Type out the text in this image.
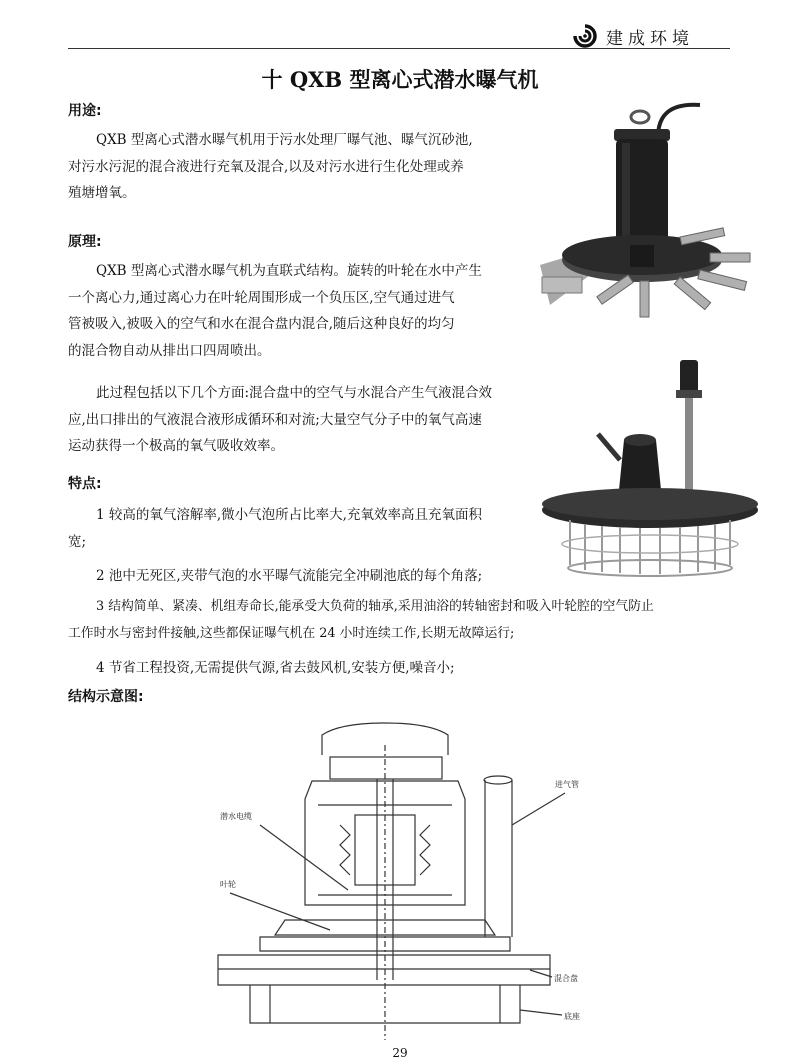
建成环境
十 QXB 型离心式潜水曝气机
用途:

QXB 型离心式潜水曝气机用于污水处理厂曝气池、曝气沉砂池,

对污水污泥的混合液进行充氧及混合,以及对污水进行生化处理或养

殖塘增氧。

原理:

QXB 型离心式潜水曝气机为直联式结构。旋转的叶轮在水中产生

一个离心力,通过离心力在叶轮周围形成一个负压区,空气通过进气

管被吸入,被吸入的空气和水在混合盘内混合,随后这种良好的均匀

的混合物自动从排出口四周喷出。

此过程包括以下几个方面:混合盘中的空气与水混合产生气液混合效

应,出口排出的气液混合液形成循环和对流;大量空气分子中的氧气高速

运动获得一个极高的氧气吸收效率。

特点:

1 较高的氧气溶解率,微小气泡所占比率大,充氧效率高且充氧面积

宽;

2 池中无死区,夹带气泡的水平曝气流能完全冲刷池底的每个角落;

3 结构简单、紧凑、机组寿命长,能承受大负荷的轴承,采用油浴的转轴密封和吸入叶轮腔的空气防止

工作时水与密封件接触,这些都保证曝气机在 24 小时连续工作,长期无故障运行;

4 节省工程投资,无需提供气源,省去鼓风机,安装方便,噪音小;

结构示意图:
潜水电缆
叶轮
进气管
混合盘
底座
29
